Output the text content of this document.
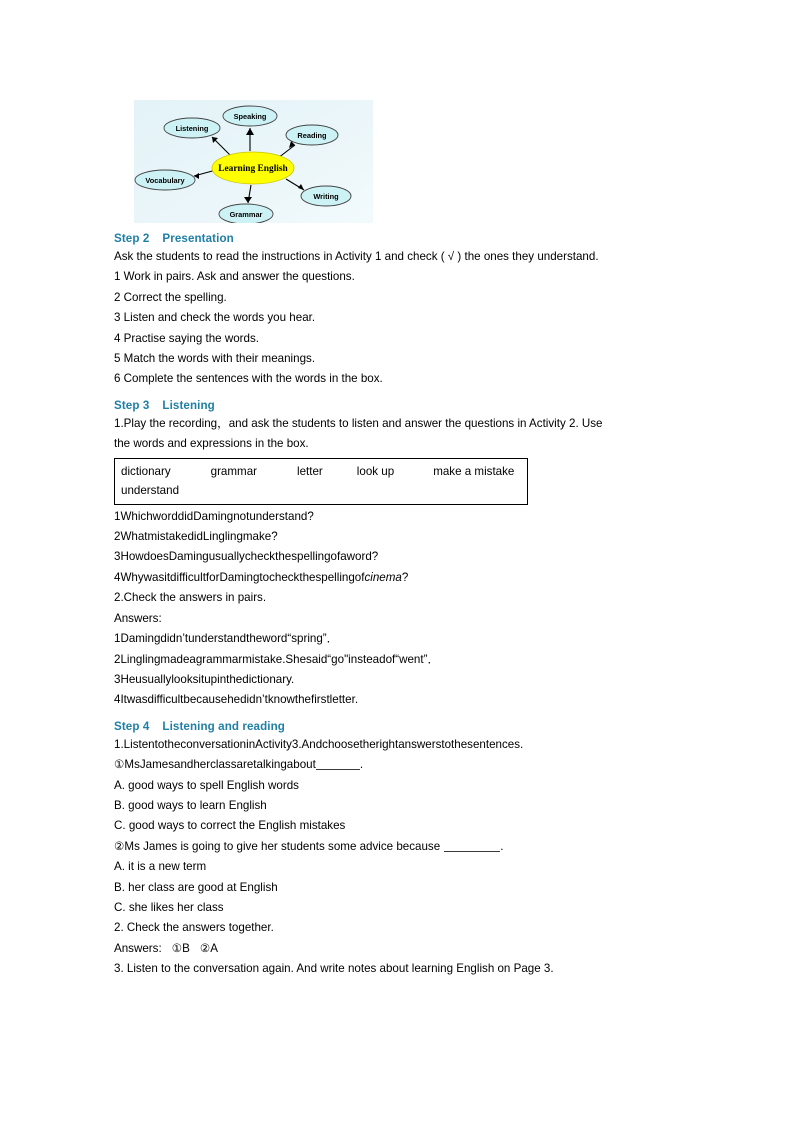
Speaking
Listening
Reading
Vocabulary
Writing
Grammar
Learning English
Step 2 Presentation

Ask the students to read the instructions in Activity 1 and check ( √ ) the ones they understand.

1 Work in pairs. Ask and answer the questions.

2 Correct the spelling.

3 Listen and check the words you hear.

4 Practise saying the words.

5 Match the words with their meanings.

6 Complete the sentences with the words in the box.

Step 3 Listening

1.Play the recording，and ask the students to listen and answer the questions in Activity 2. Use

the words and expressions in the box.

dictionary	grammar	letter	look up	make a mistake
understand

1WhichworddidDamingnotunderstand?

2WhatmistakedidLinglingmake?

3HowdoesDamingusuallycheckthespellingofaword?

4WhywasitdifficultforDamingtocheckthespellingofcinema?

2.Check the answers in pairs.

Answers:

1Damingdidn’tunderstandtheword“spring”．

2Linglingmadeagrammarmistake.Shesaid“go"insteadof“went”．

3Heusuallylooksitupinthedictionary.

4Itwasdifficultbecausehedidn’tknowthefirstletter.

Step 4 Listening and reading

1.ListentotheconversationinActivity3.Andchoosetherightanswerstothesentences.

①MsJamesandherclassaretalkingabout	.

A. good ways to spell English words

B. good ways to learn English

C. good ways to correct the English mistakes

②Ms James is going to give her students some advice because	.

A. it is a new term

B. her class are good at English

C. she likes her class

2. Check the answers together.

Answers: ①B ②A

3. Listen to the conversation again. And write notes about learning English on Page 3.
